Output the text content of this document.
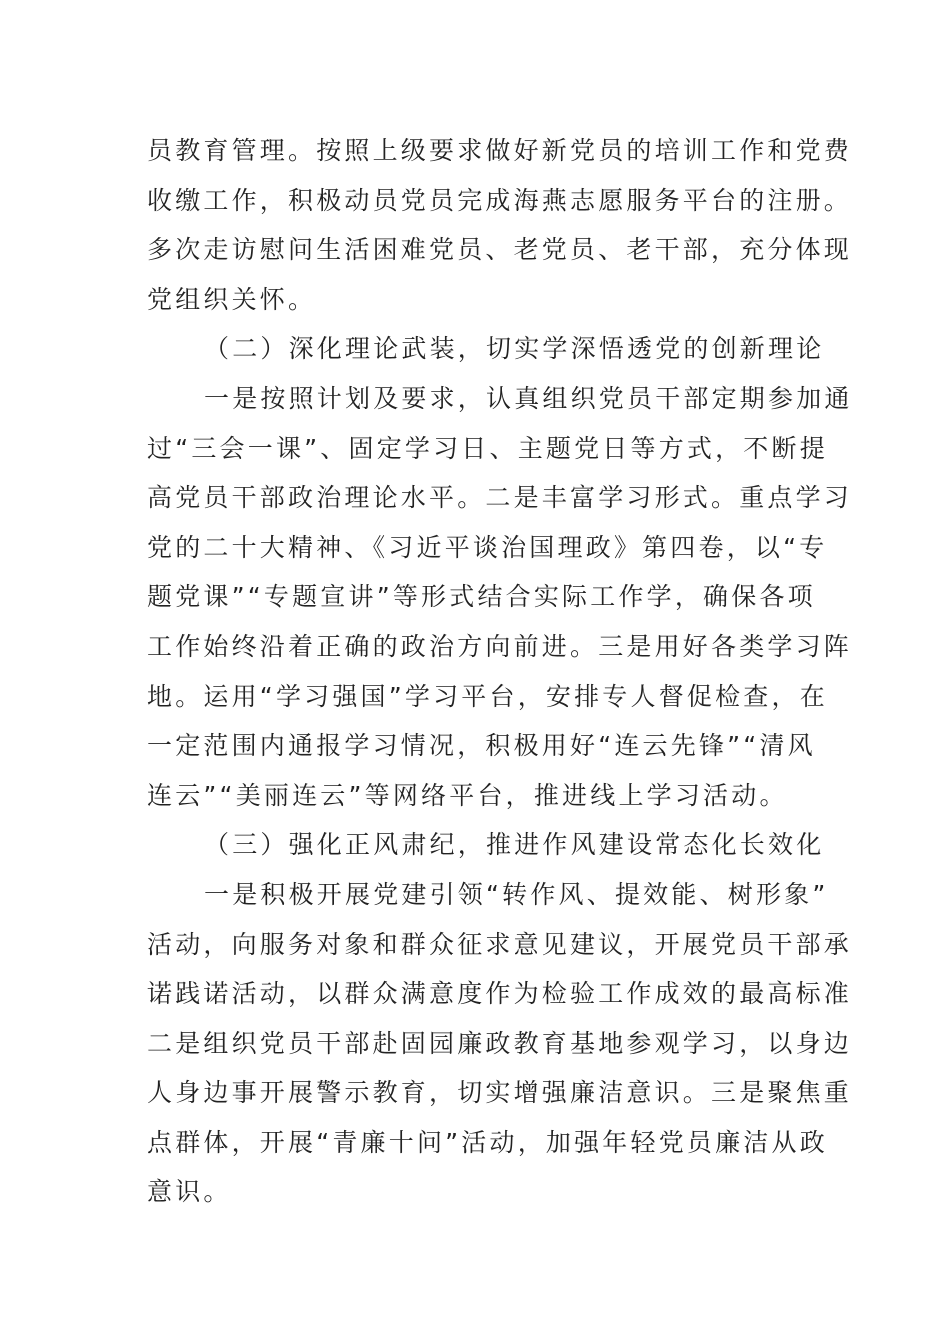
员教育管理。按照上级要求做好新党员的培训工作和党费
收缴工作，积极动员党员完成海燕志愿服务平台的注册。
多次走访慰问生活困难党员、老党员、老干部，充分体现
党组织关怀。
（二）深化理论武装，切实学深悟透党的创新理论
一是按照计划及要求，认真组织党员干部定期参加通
过“三会一课”、固定学习日、主题党日等方式，不断提
高党员干部政治理论水平。二是丰富学习形式。重点学习
党的二十大精神、《习近平谈治国理政》第四卷，以“专
题党课”“专题宣讲”等形式结合实际工作学，确保各项
工作始终沿着正确的政治方向前进。三是用好各类学习阵
地。运用“学习强国”学习平台，安排专人督促检查，在
一定范围内通报学习情况，积极用好“连云先锋”“清风
连云”“美丽连云”等网络平台，推进线上学习活动。
（三）强化正风肃纪，推进作风建设常态化长效化
一是积极开展党建引领“转作风、提效能、树形象”
活动，向服务对象和群众征求意见建议，开展党员干部承
诺践诺活动，以群众满意度作为检验工作成效的最高标准
二是组织党员干部赴固园廉政教育基地参观学习，以身边
人身边事开展警示教育，切实增强廉洁意识。三是聚焦重
点群体，开展“青廉十问”活动，加强年轻党员廉洁从政
意识。
